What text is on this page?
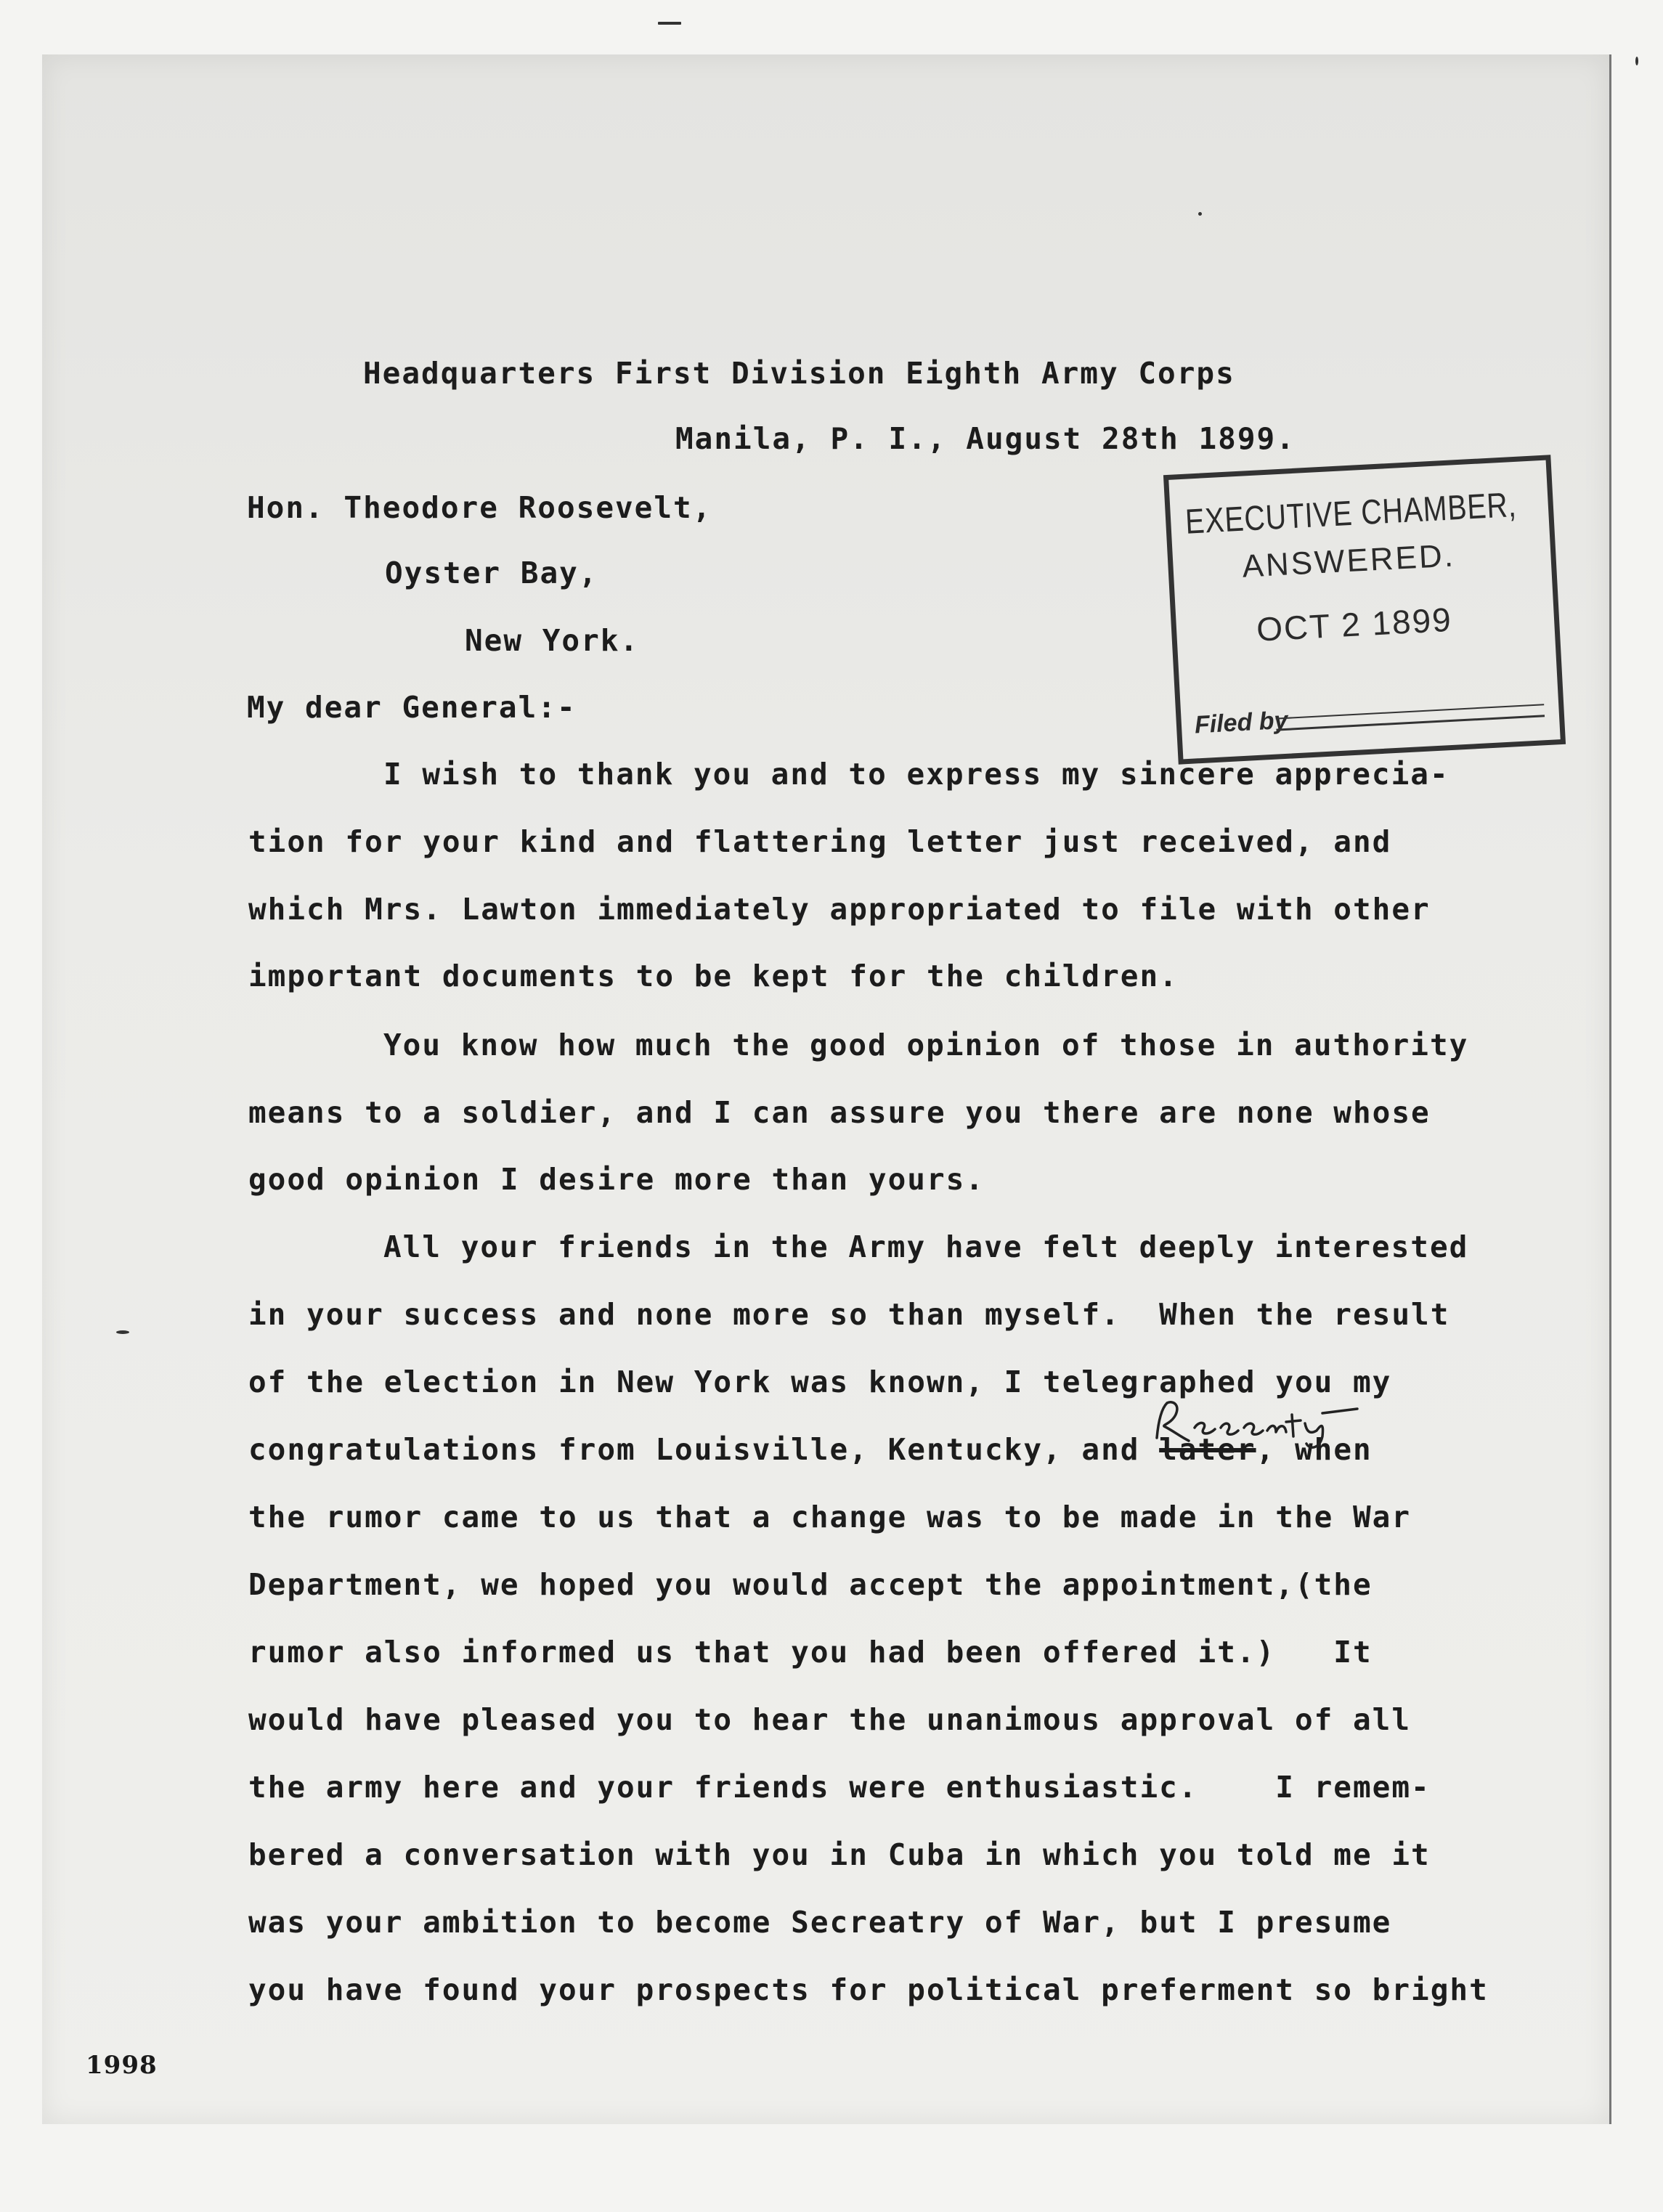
Headquarters First Division Eighth Army Corps
Manila, P. I., August 28th 1899.
Hon. Theodore Roosevelt,
Oyster Bay,
New York.
My dear General:-
I wish to thank you and to express my sincere apprecia-
tion for your kind and flattering letter just received, and
which Mrs. Lawton immediately appropriated to file with other
important documents to be kept for the children.
You know how much the good opinion of those in authority
means to a soldier, and I can assure you there are none whose
good opinion I desire more than yours.
All your friends in the Army have felt deeply interested
in your success and none more so than myself.  When the result
of the election in New York was known, I telegraphed you my
congratulations from Louisville, Kentucky, and later, when
the rumor came to us that a change was to be made in the War
Department, we hoped you would accept the appointment,(the
rumor also informed us that you had been offered it.)   It
would have pleased you to hear the unanimous approval of all
the army here and your friends were enthusiastic.    I remem-
bered a conversation with you in Cuba in which you told me it
was your ambition to become Secreatry of War, but I presume
you have found your prospects for political preferment so bright
EXECUTIVE CHAMBER,
ANSWERED.
OCT 2 1899
Filed by
1998
